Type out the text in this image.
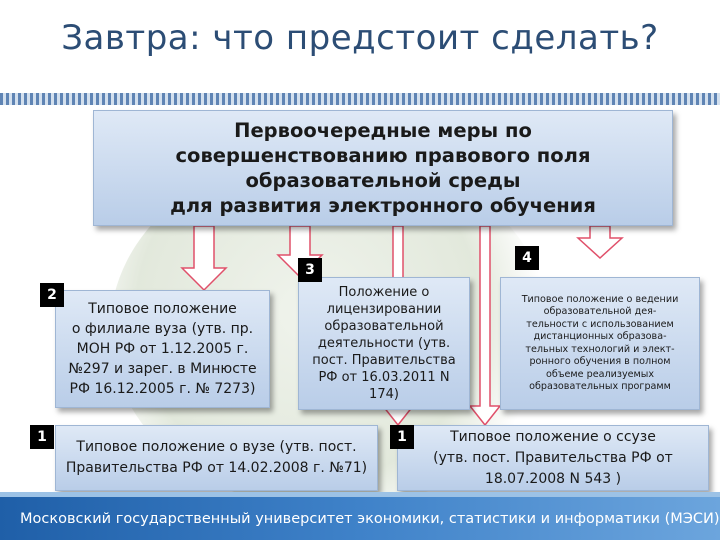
Завтра: что предстоит сделать?
Первоочередные меры по
совершенствованию правового поля
образовательной среды
для развития электронного обучения
Типовое положение
о филиале вуза (утв. пр.
МОН РФ от 1.12.2005 г.
№297 и зарег. в Минюсте
РФ 16.12.2005 г. № 7273)
2	Положение о
лицензировании
образовательной
деятельности (утв.
пост. Правительства
РФ от 16.03.2011 N
174)
3
Типовое положение о ведении
образовательной дея-
тельности с использованием
дистанционных образова-
тельных технологий и элект-
ронного обучения в полном
объеме реализуемых
образовательных программ
4
Типовое положение о вузе (утв. пост.
Правительства РФ от 14.02.2008 г. №71)
1	Типовое положение о ссузе
(утв. пост. Правительства РФ от
18.07.2008 N 543 )
1
Московский государственный университет экономики, статистики и информатики (МЭСИ)
